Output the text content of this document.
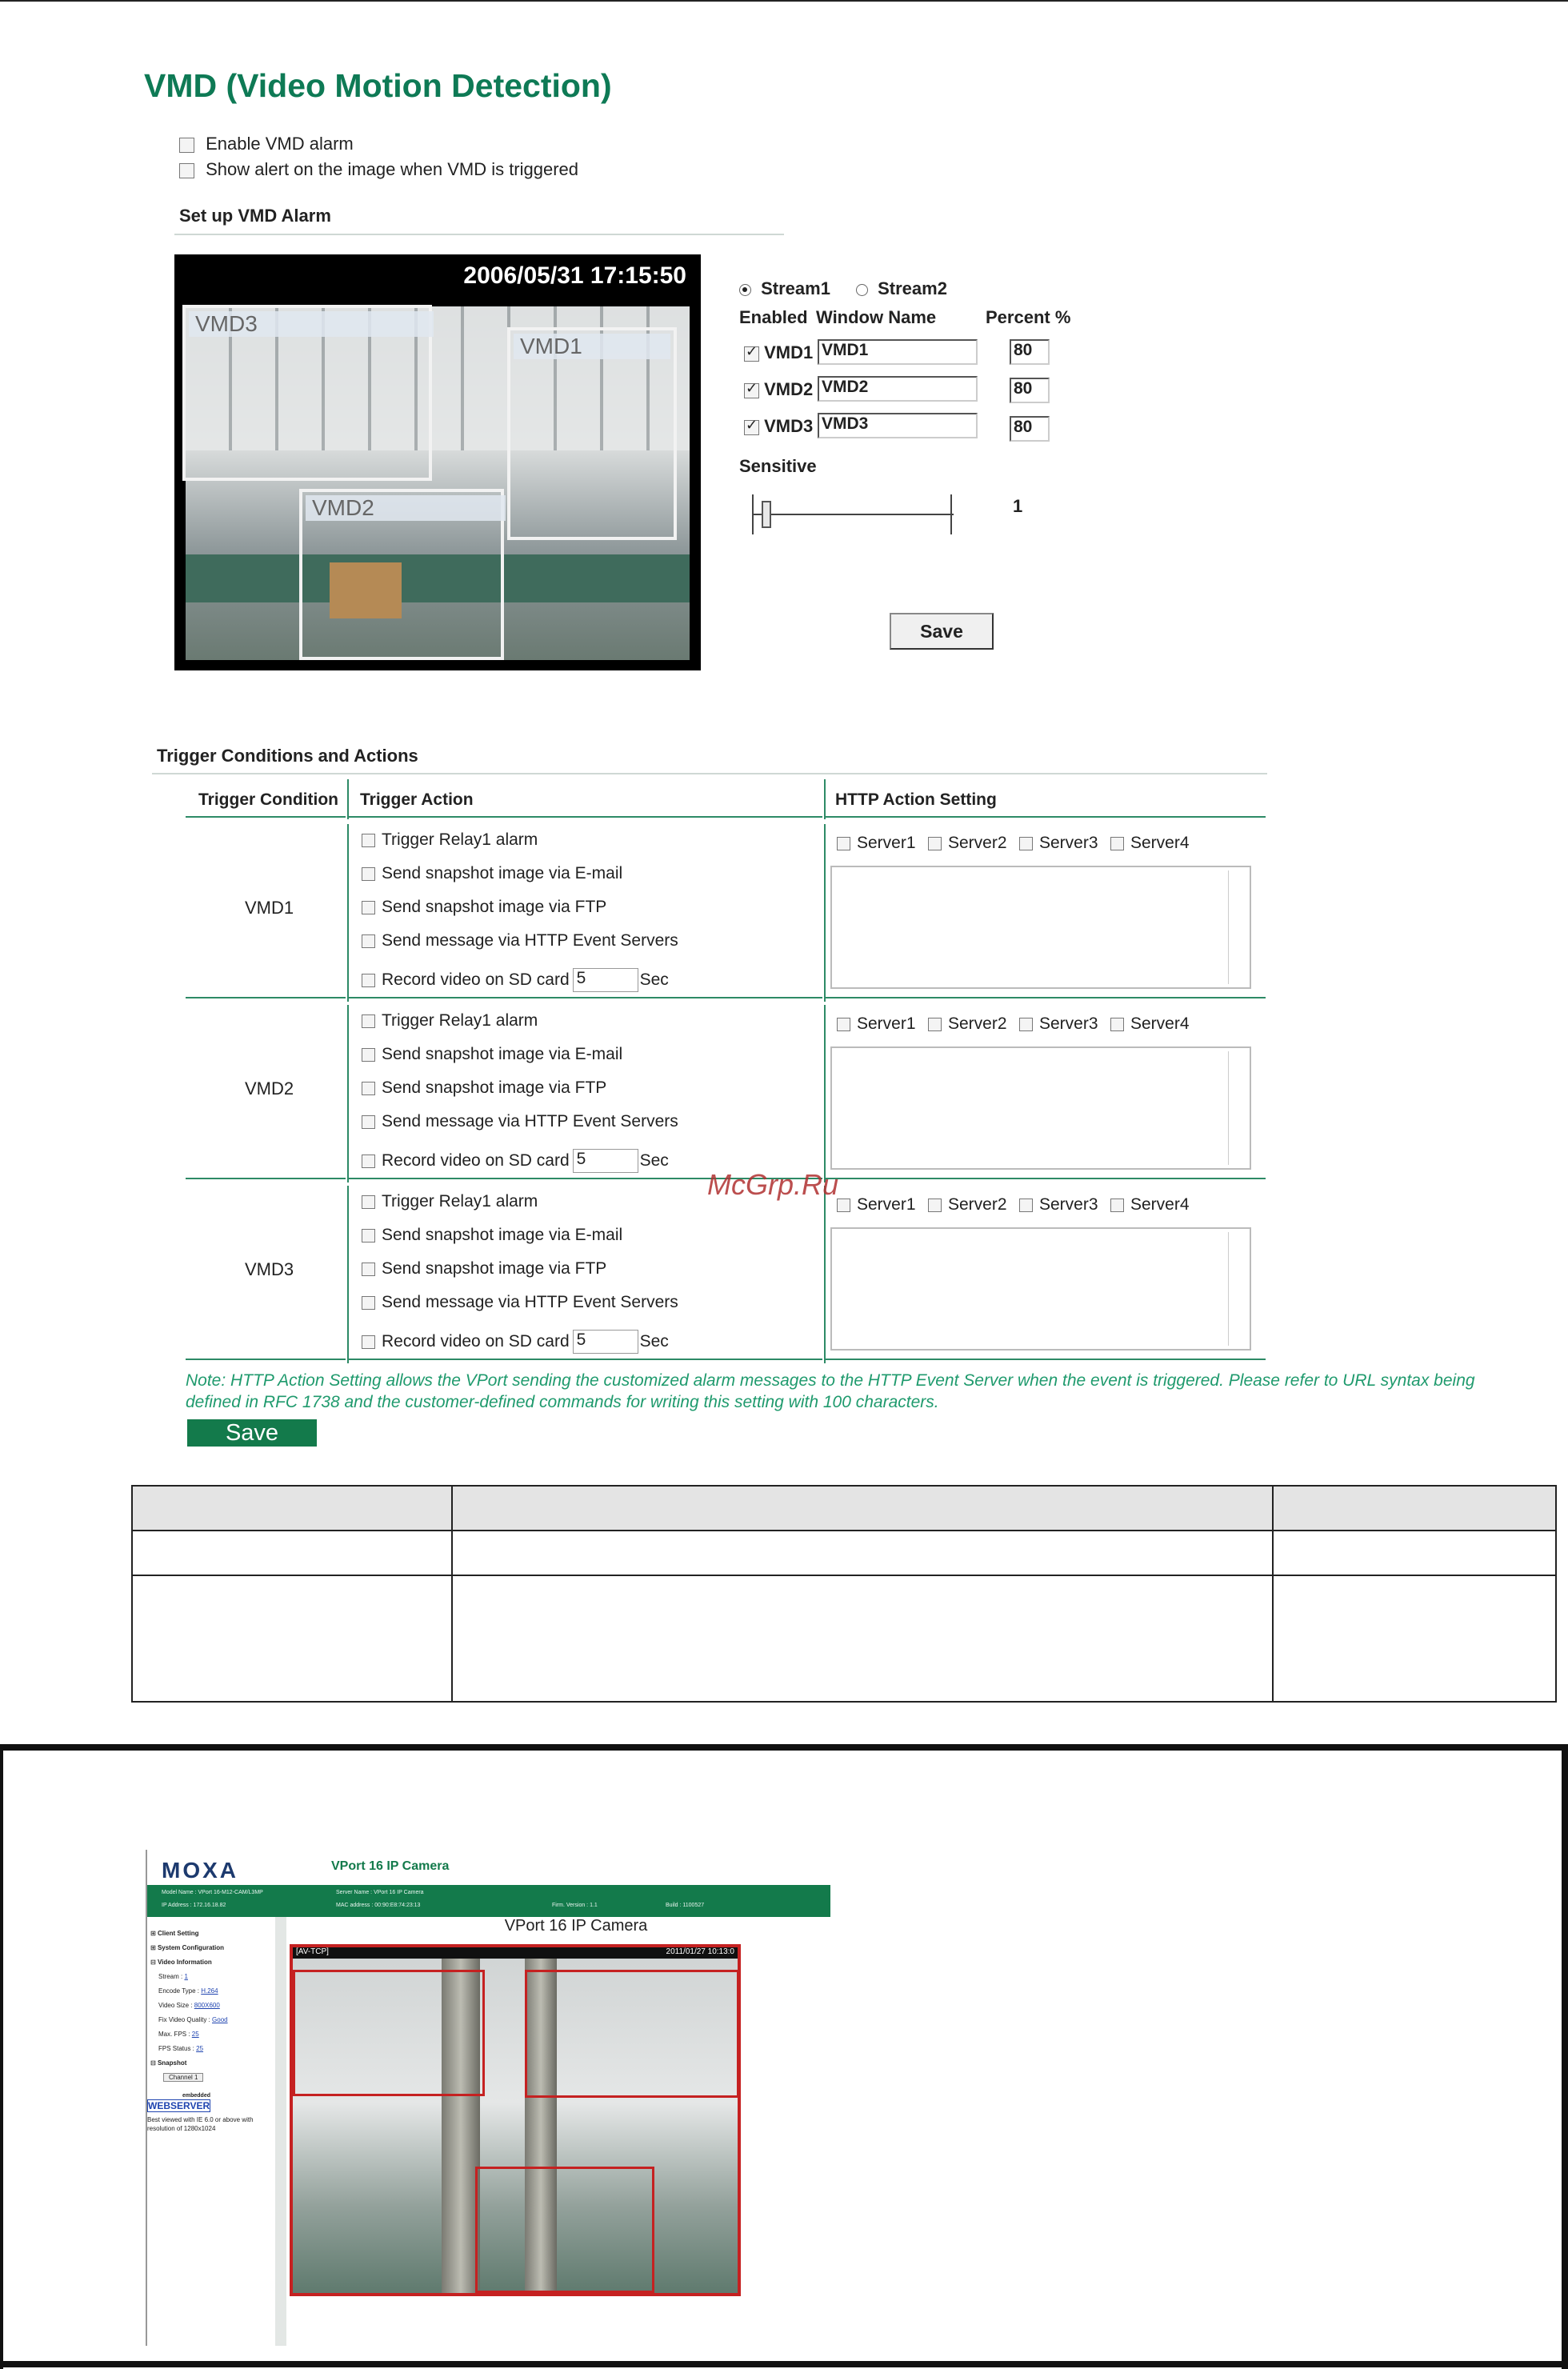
VMD (Video Motion Detection)
Enable VMD alarm
Show alert on the image when VMD is triggered
Set up VMD Alarm
2006/05/31 17:15:50
VMD3
VMD1
VMD2
Stream1	Stream2
Enabled Window Name	Percent %
✓ VMD1 VMD1	80
✓ VMD2 VMD2	80
✓ VMD3 VMD3	80
Sensitive
1
Save
Trigger Conditions and Actions
Trigger Condition Trigger Action	HTTP Action Setting
VMD1
Trigger Relay1 alarm
Send snapshot image via E-mail
Send snapshot image via FTP
Send message via HTTP Event Servers
Record video on SD card 5	Sec
Server1	Server2	Server3	Server4
VMD2
Trigger Relay1 alarm
Send snapshot image via E-mail
Send snapshot image via FTP
Send message via HTTP Event Servers
Record video on SD card 5	Sec
Server1	Server2	Server3	Server4
VMD3
Trigger Relay1 alarm
Send snapshot image via E-mail
Send snapshot image via FTP
Send message via HTTP Event Servers
Record video on SD card 5	Sec
Server1	Server2	Server3	Server4
Note: HTTP Action Setting allows the VPort sending the customized alarm messages to the HTTP Event Server when the event is triggered. Please refer to URL syntax being defined in RFC 1738 and the customer-defined commands for writing this setting with 100 characters.
Save

McGrp.Ru
MOXA	VPort 16 IP Camera
Model Name : VPort 16-M12-CAM/L3MP
IP Address : 172.16.18.82
Server Name : VPort 16 IP Camera
MAC address : 00:90:E8:74:23:13	Firm. Version : 1.1	Build : 1100527
⊞ Client Setting
⊞ System Configuration
⊟ Video Information
Stream : 1
Encode Type : H.264
Video Size : 800X600
Fix Video Quality : Good
Max. FPS : 25
FPS Status : 25
⊟ Snapshot
Channel 1
embedded
WEBSERVER
Best viewed with IE 6.0 or above with resolution of 1280x1024
VPort 16 IP Camera
[AV-TCP]	2011/01/27 10:13:0
